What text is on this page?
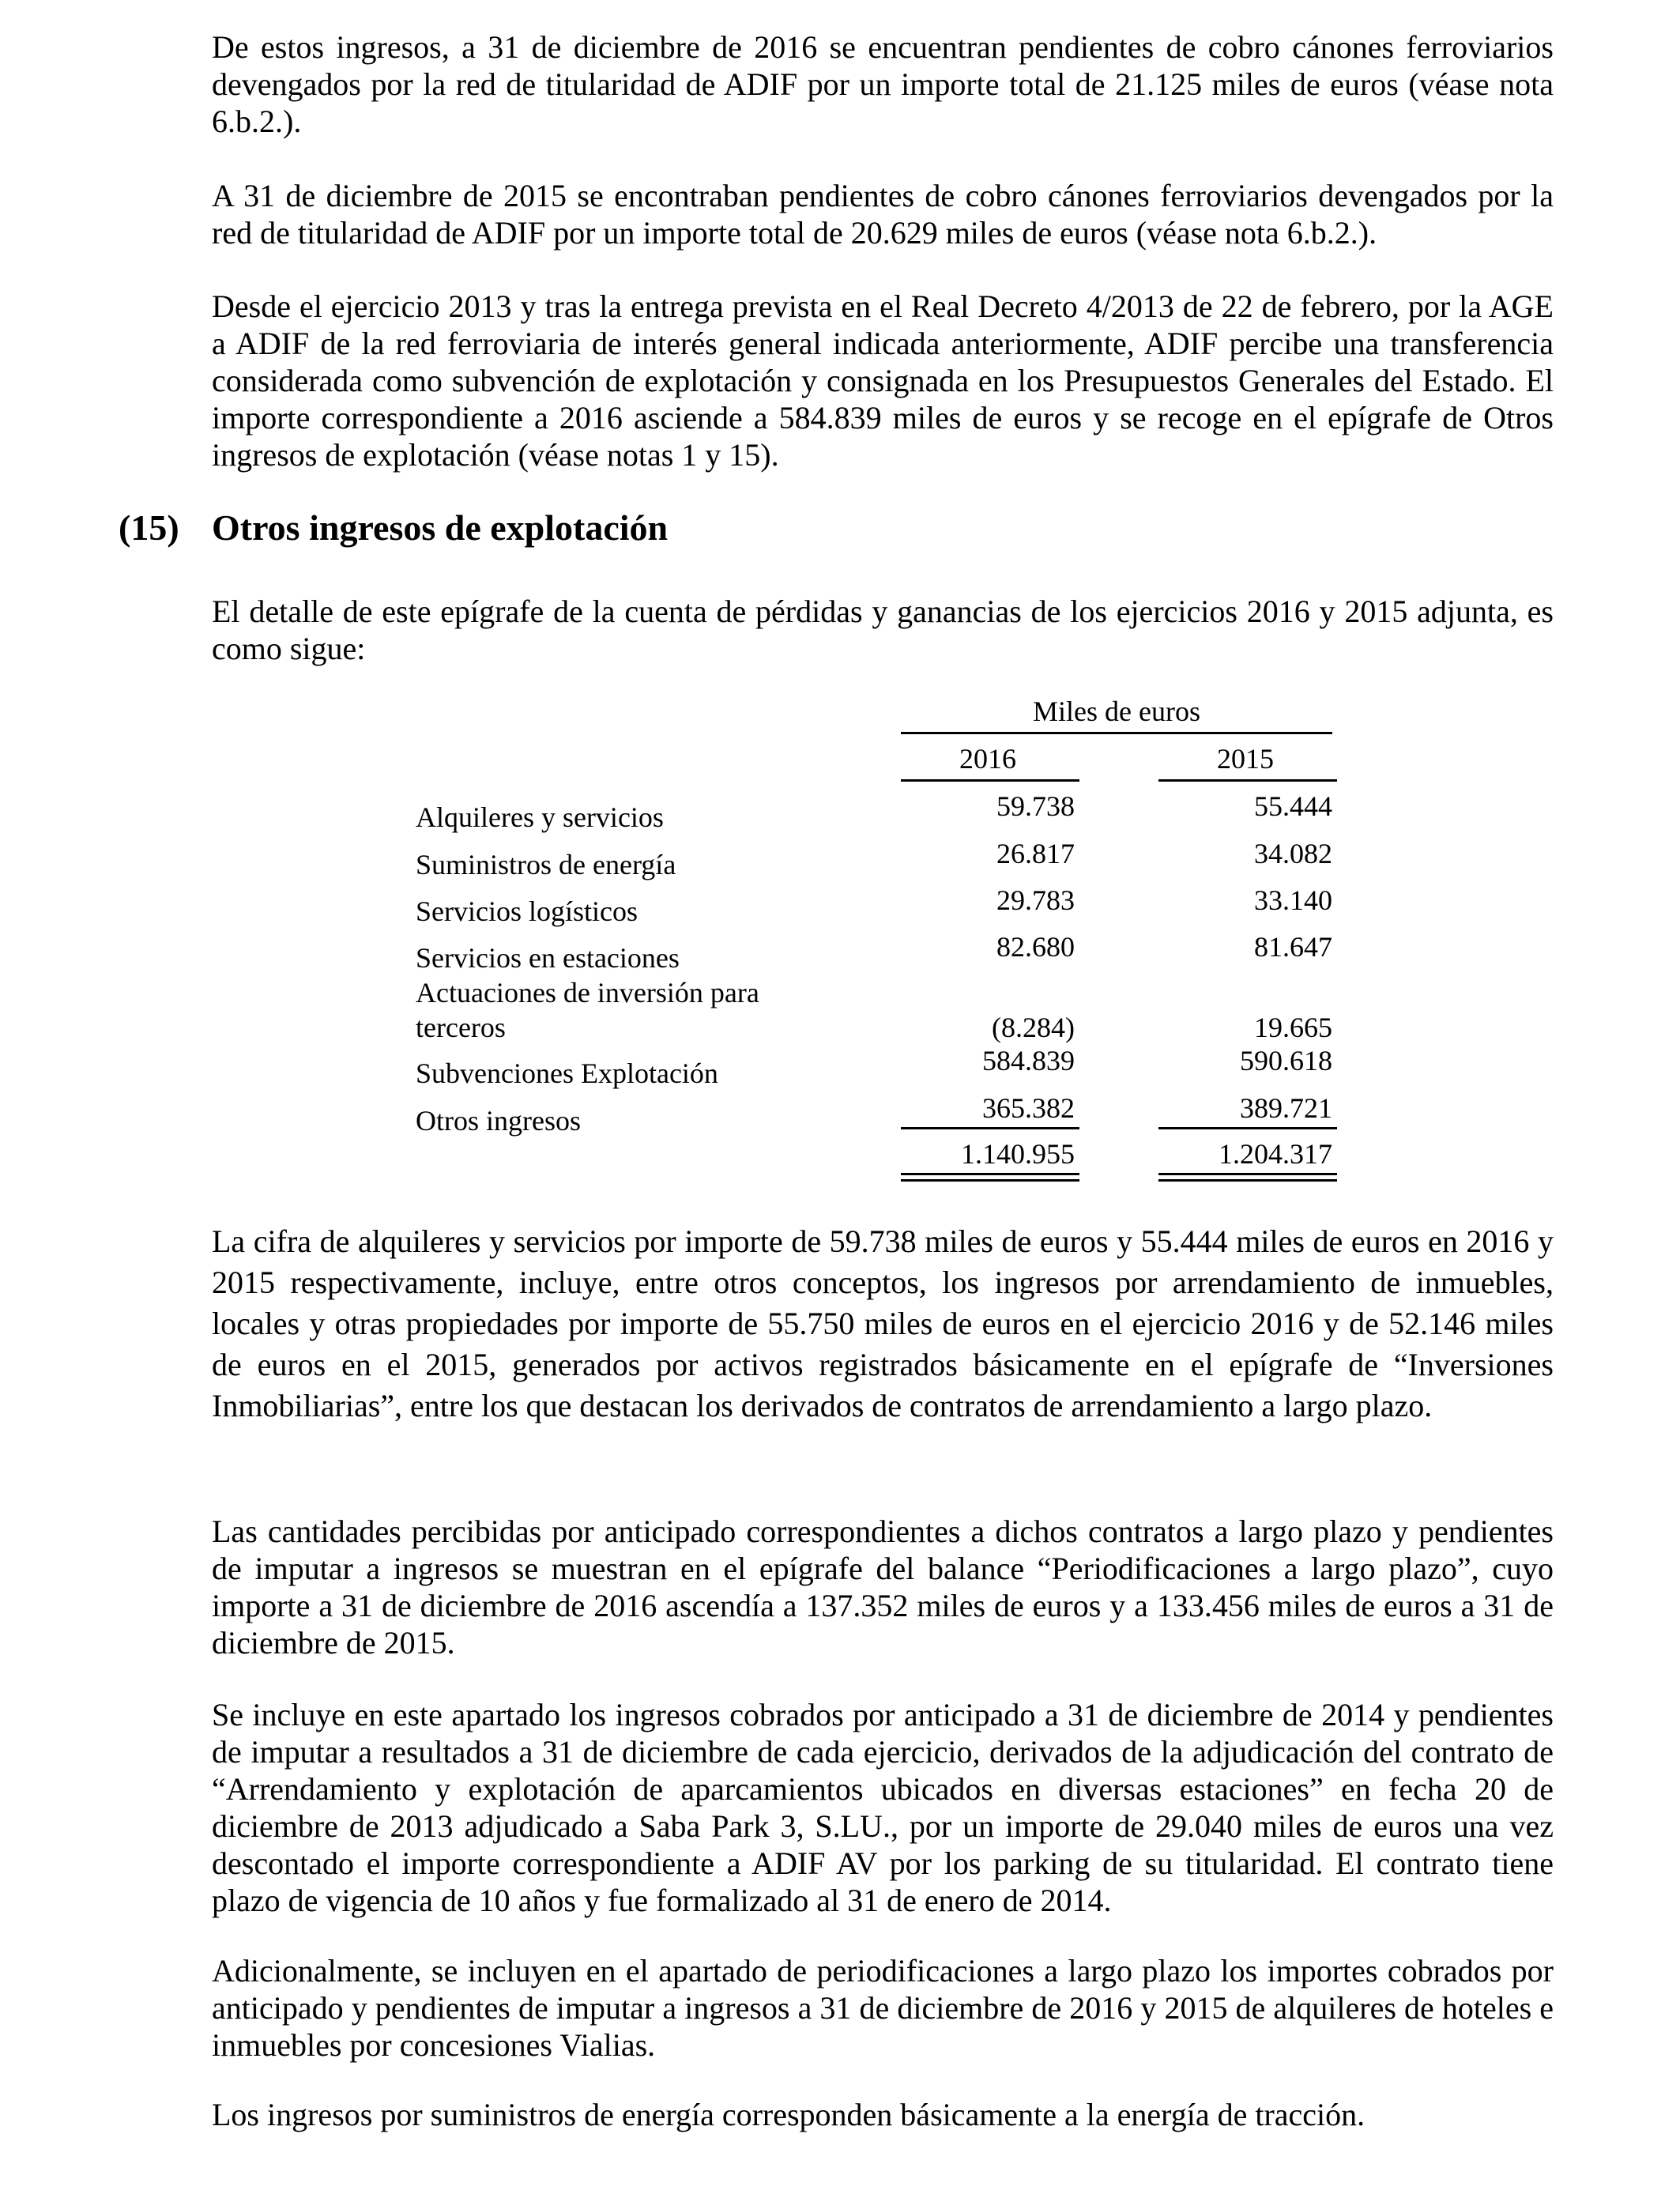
De estos ingresos, a 31 de diciembre de 2016 se encuentran pendientes de cobro cánones ferroviarios devengados por la red de titularidad de ADIF por un importe total de 21.125 miles de euros (véase nota 6.b.2.).

A 31 de diciembre de 2015 se encontraban pendientes de cobro cánones ferroviarios devengados por la red de titularidad de ADIF por un importe total de 20.629 miles de euros (véase nota 6.b.2.).

Desde el ejercicio 2013 y tras la entrega prevista en el Real Decreto 4/2013 de 22 de febrero, por la AGE a ADIF de la red ferroviaria de interés general indicada anteriormente, ADIF percibe una transferencia considerada como subvención de explotación y consignada en los Presupuestos Generales del Estado. El importe correspondiente a 2016 asciende a 584.839 miles de euros y se recoge en el epígrafe de Otros ingresos de explotación (véase notas 1 y 15).

(15) Otros ingresos de explotación

El detalle de este epígrafe de la cuenta de pérdidas y ganancias de los ejercicios 2016 y 2015 adjunta, es como sigue:

Miles de euros
2016	2015
Alquileres y servicios	59.738	55.444
Suministros de energía	26.817	34.082
Servicios logísticos	29.783	33.140
Servicios en estaciones	82.680	81.647
Actuaciones de inversión para
terceros	(8.284)	19.665
Subvenciones Explotación	584.839	590.618
Otros ingresos	365.382	389.721
1.140.955	1.204.317

La cifra de alquileres y servicios por importe de 59.738 miles de euros y 55.444 miles de euros en 2016 y 2015 respectivamente, incluye, entre otros conceptos, los ingresos por arrendamiento de inmuebles, locales y otras propiedades por importe de 55.750 miles de euros en el ejercicio 2016 y de 52.146 miles de euros en el 2015, generados por activos registrados básicamente en el epígrafe de “Inversiones Inmobiliarias”, entre los que destacan los derivados de contratos de arrendamiento a largo plazo.

Las cantidades percibidas por anticipado correspondientes a dichos contratos a largo plazo y pendientes de imputar a ingresos se muestran en el epígrafe del balance “Periodificaciones a largo plazo”, cuyo importe a 31 de diciembre de 2016 ascendía a 137.352 miles de euros y a 133.456 miles de euros a 31 de diciembre de 2015.

Se incluye en este apartado los ingresos cobrados por anticipado a 31 de diciembre de 2014 y pendientes de imputar a resultados a 31 de diciembre de cada ejercicio, derivados de la adjudicación del contrato de “Arrendamiento y explotación de aparcamientos ubicados en diversas estaciones” en fecha 20 de diciembre de 2013 adjudicado a Saba Park 3, S.LU., por un importe de 29.040 miles de euros una vez descontado el importe correspondiente a ADIF AV por los parking de su titularidad. El contrato tiene plazo de vigencia de 10 años y fue formalizado al 31 de enero de 2014.

Adicionalmente, se incluyen en el apartado de periodificaciones a largo plazo los importes cobrados por anticipado y pendientes de imputar a ingresos a 31 de diciembre de 2016 y 2015 de alquileres de hoteles e inmuebles por concesiones Vialias.

Los ingresos por suministros de energía corresponden básicamente a la energía de tracción.
